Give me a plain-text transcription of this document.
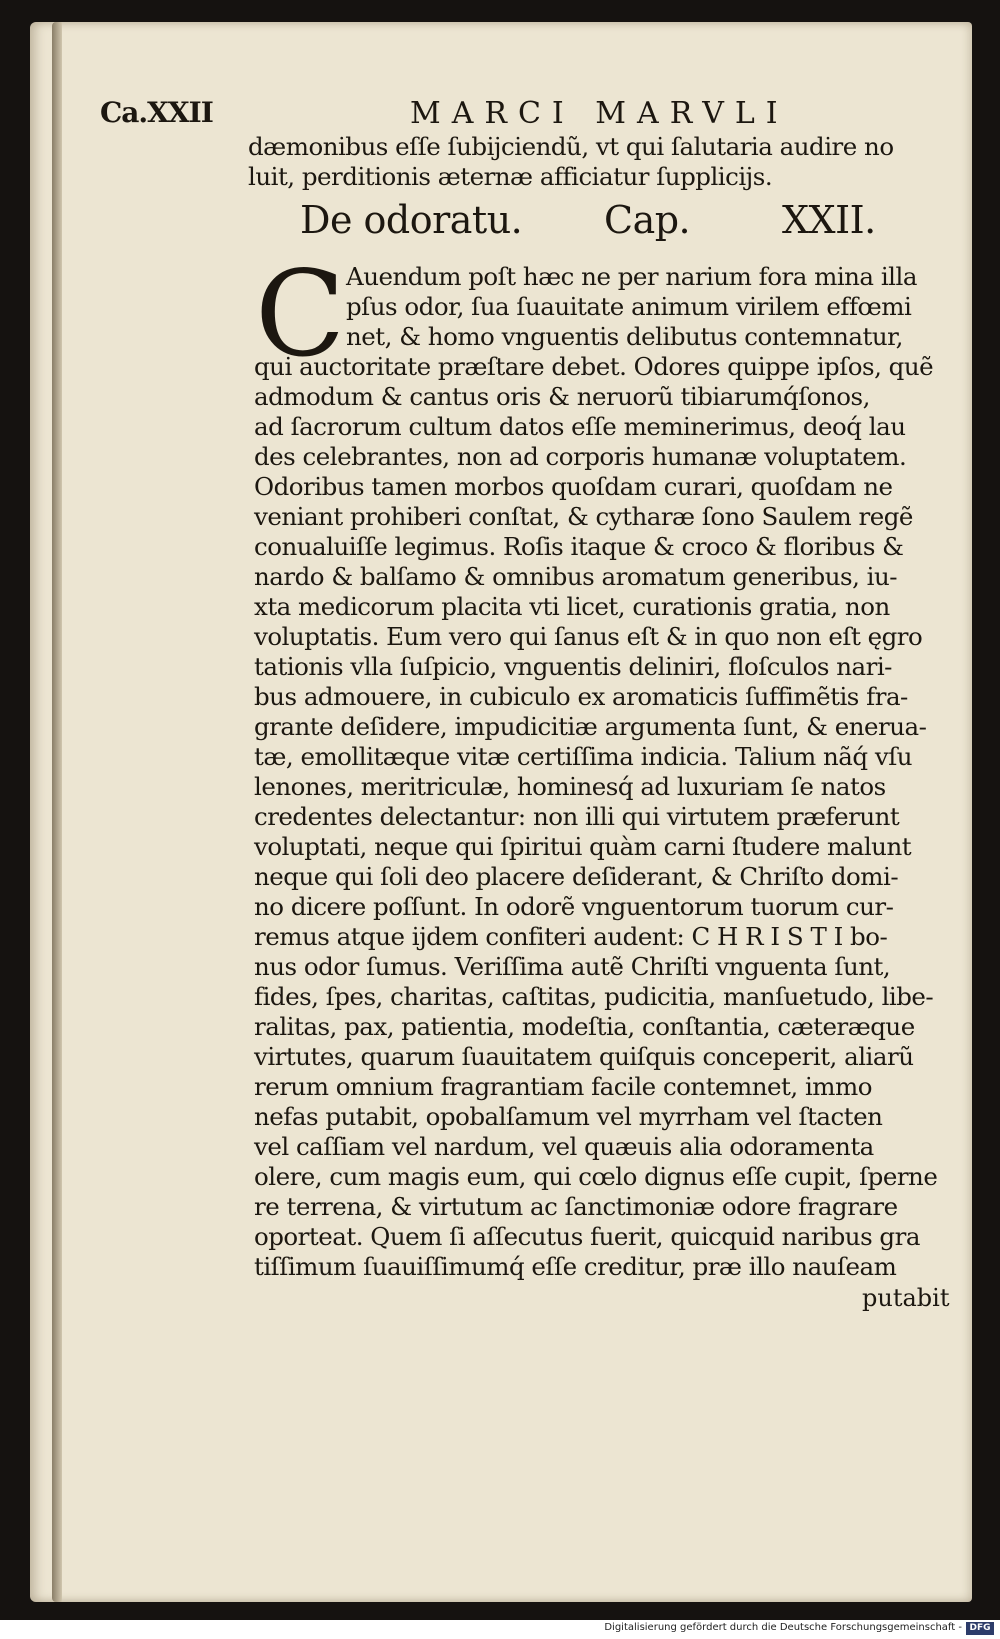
Ca.XXII	MARCI MARVLI
dæmonibus eſſe ſubijciendũ, vt qui ſalutaria audire no
luit, perditionis æternæ afficiatur ſupplicijs.
De odoratu. Cap. XXII.
C Auendum poſt hæc ne per narium fora mina illa
pſus odor, ſua ſuauitate animum virilem effœmi
net, & homo vnguentis delibutus contemnatur,
qui auctoritate præſtare debet. Odores quippe ipſos, quẽ
admodum & cantus oris & neruorũ tibiarumq́ſonos,
ad ſacrorum cultum datos eſſe meminerimus, deoq́ lau
des celebrantes, non ad corporis humanæ voluptatem.
Odoribus tamen morbos quoſdam curari, quoſdam ne
veniant prohiberi conſtat, & cytharæ ſono Saulem regẽ
conualuiſſe legimus. Roſis itaque & croco & floribus &
nardo & balſamo & omnibus aromatum generibus, iu-
xta medicorum placita vti licet, curationis gratia, non
voluptatis. Eum vero qui ſanus eſt & in quo non eſt ęgro
tationis vlla ſuſpicio, vnguentis deliniri, floſculos nari-
bus admouere, in cubiculo ex aromaticis ſuffimẽtis fra-
grante deſidere, impudicitiæ argumenta ſunt, & enerua-
tæ, emollitæque vitæ certiſſima indicia. Talium nãq́ vſu
lenones, meritriculæ, hominesq́ ad luxuriam ſe natos
credentes delectantur: non illi qui virtutem præferunt
voluptati, neque qui ſpiritui quàm carni ſtudere malunt
neque qui ſoli deo placere deſiderant, & Chriſto domi-
no dicere poſſunt. In odorẽ vnguentorum tuorum cur-
remus atque ijdem confiteri audent: C H R I S T I bo-
nus odor ſumus. Veriſſima autẽ Chriſti vnguenta ſunt,
fides, ſpes, charitas, caſtitas, pudicitia, manſuetudo, libe-
ralitas, pax, patientia, modeſtia, conſtantia, cæteræque
virtutes, quarum ſuauitatem quiſquis conceperit, aliarũ
rerum omnium fragrantiam facile contemnet, immo
nefas putabit, opobalſamum vel myrrham vel ſtacten
vel caſſiam vel nardum, vel quæuis alia odoramenta
olere, cum magis eum, qui cœlo dignus eſſe cupit, ſperne
re terrena, & virtutum ac ſanctimoniæ odore fragrare
oporteat. Quem ſi aſſecutus fuerit, quicquid naribus gra
tiſſimum ſuauiſſimumq́ eſſe creditur, præ illo nauſeam
putabit
Digitalisierung gefördert durch die Deutsche Forschungsgemeinschaft - DFG
